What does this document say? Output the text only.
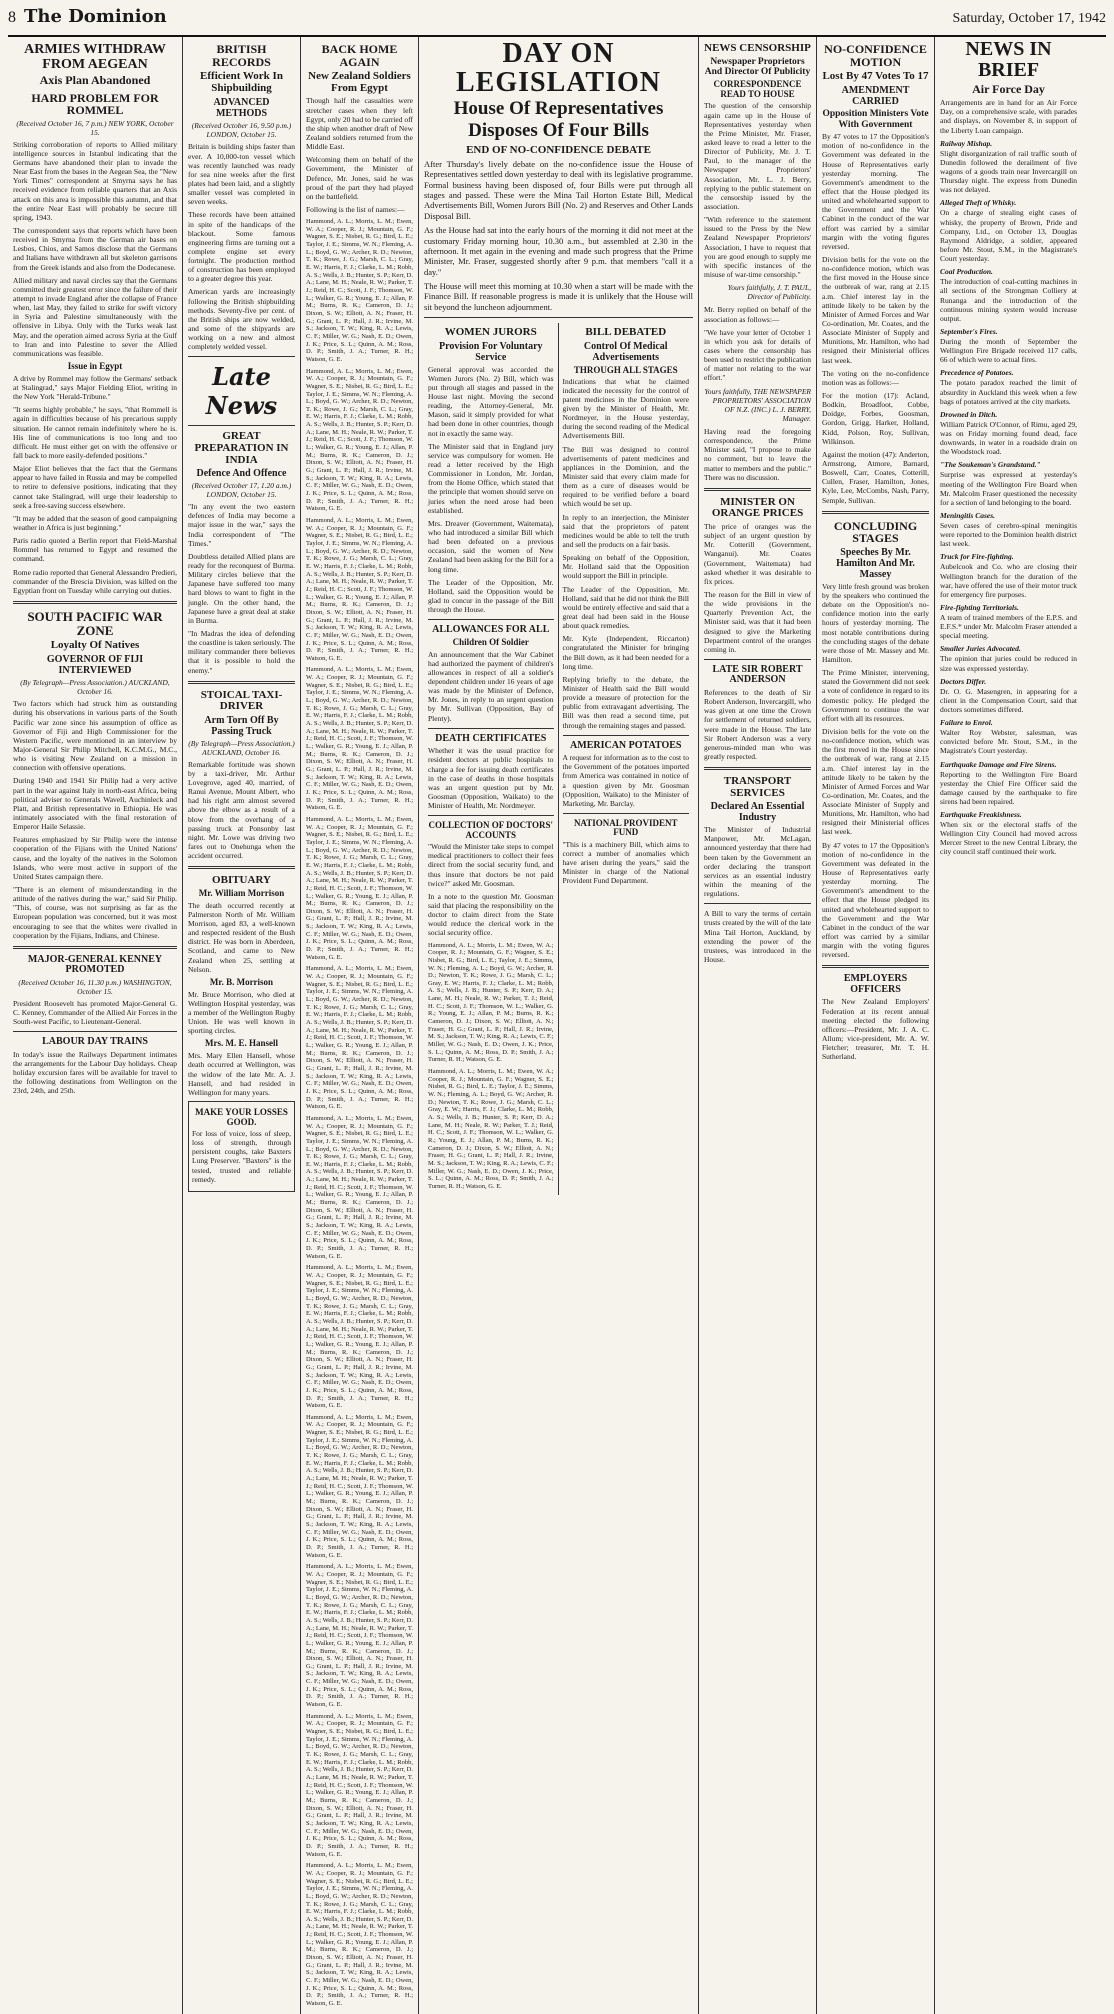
8 The Dominion	Saturday, October 17, 1942
ARMIES WITHDRAW FROM AEGEAN
Axis Plan Abandoned
HARD PROBLEM FOR ROMMEL
(Received October 16, 7 p.m.) NEW YORK, October 15.

Striking corroboration of reports to Allied military intelligence sources in Istanbul indicating that the Germans have abandoned their plan to invade the Near East from the bases in the Aegean Sea, the "New York Times" correspondent at Smyrna says he has received evidence from reliable quarters that an Axis attack on this area is impossible this autumn, and that the entire Near East will probably be secure till spring, 1943.

The correspondent says that reports which have been received in Smyrna from the German air bases on Lesbos, Chios, and Samos disclose that the Germans and Italians have withdrawn all but skeleton garrisons from the Greek islands and also from the Dodecanese.

Allied military and naval circles say that the Germans committed their greatest error since the failure of their attempt to invade England after the collapse of France when, last May, they failed to strike for swift victory in Syria and Palestine simultaneously with the offensive in Libya. Only with the Turks weak last May, and the operation aimed across Syria at the Gulf to Iran and into Palestine to sever the Allied communications was feasible.

Issue in Egypt

A drive by Rommel may follow the Germans' setback at Stalingrad," says Major Fielding Eliot, writing in the New York "Herald-Tribune."

"It seems highly probable," he says, "that Rommell is again in difficulties because of his precarious supply situation. He cannot remain indefinitely where he is. His line of communications is too long and too difficult. He must either get on with the offensive or fall back to more easily-defended positions."

Major Eliot believes that the fact that the Germans appear to have failed in Russia and may be compelled to retire to defensive positions, indicating that they cannot take Stalingrad, will urge their leadership to seek a free-saving success elsewhere.

"It may be added that the season of good campaigning weather in Africa is just beginning."

Paris radio quoted a Berlin report that Field-Marshal Rommel has returned to Egypt and resumed the command.

Rome radio reported that General Alessandro Predieri, commander of the Brescia Division, was killed on the Egyptian front on Tuesday while carrying out duties.

SOUTH PACIFIC WAR ZONE
Loyalty Of Natives
GOVERNOR OF FIJI INTERVIEWED
(By Telegraph—Press Association.) AUCKLAND, October 16.

Two factors which had struck him as outstanding during his observations in various parts of the South Pacific war zone since his assumption of office as Governor of Fiji and High Commissioner for the Western Pacific, were mentioned in an interview by Major-General Sir Philip Mitchell, K.C.M.G., M.C., who is visiting New Zealand on a mission in connection with offensive operations.

During 1940 and 1941 Sir Philip had a very active part in the war against Italy in north-east Africa, being political adviser to Generals Wavell, Auchinleck and Platt, and British representative in Ethiopia. He was intimately associated with the final restoration of Emperor Haile Selassie.

Features emphasized by Sir Philip were the intense cooperation of the Fijians with the United Nations' cause, and the loyalty of the natives in the Solomon Islands, who were most active in support of the United States campaign there.

"There is an element of misunderstanding in the attitude of the natives during the war," said Sir Philip. "This, of course, was not surprising as far as the European population was concerned, but it was most encouraging to see that the whites were rivalled in cooperation by the Fijians, Indians, and Chinese.

MAJOR-GENERAL KENNEY PROMOTED
(Received October 16, 11.30 p.m.) WASHINGTON, October 15.

President Roosevelt has promoted Major-General G. C. Kenney, Commander of the Allied Air Forces in the South-west Pacific, to Lieutenant-General.

LABOUR DAY TRAINS

In today's issue the Railways Department intimates the arrangements for the Labour Day holidays. Cheap holiday excursion fares will be available for travel to the following destinations from Wellington on the 23rd, 24th, and 25th.

BRITISH RECORDS
Efficient Work In Shipbuilding
ADVANCED METHODS
(Received October 16, 9.50 p.m.) LONDON, October 15.

Britain is building ships faster than ever. A 10,000-ton vessel which was recently launched was ready for sea nine weeks after the first plates had been laid, and a slightly smaller vessel was completed in seven weeks.

These records have been attained in spite of the handicaps of the blackout. Some famous engineering firms are turning out a complete engine set every fortnight. The production method of construction has been employed to a greater degree this year.

American yards are increasingly following the British shipbuilding methods. Seventy-five per cent. of the British ships are now welded, and some of the shipyards are working on a new and almost completely welded vessel.

Late News
GREAT PREPARATION IN INDIA
Defence And Offence
(Received October 17, 1.20 a.m.) LONDON, October 15.

"In any event the two eastern defences of India may become a major issue in the war," says the India correspondent of "The Times."

Doubtless detailed Allied plans are ready for the reconquest of Burma. Military circles believe that the Japanese have suffered too many hard blows to want to fight in the jungle. On the other hand, the Japanese have a great deal at stake in Burma.

"In Madras the idea of defending the coastline is taken seriously. The military commander there believes that it is possible to hold the enemy."

STOICAL TAXI-DRIVER
Arm Torn Off By Passing Truck
(By Telegraph—Press Association.) AUCKLAND, October 16.

Remarkable fortitude was shown by a taxi-driver, Mr. Arthur Lovegrove, aged 40, married, of Ranui Avenue, Mount Albert, who had his right arm almost severed above the elbow as a result of a blow from the overhang of a passing truck at Ponsonby last night. Mr. Lowe was driving two fares out to Onehunga when the accident occurred.

OBITUARY
Mr. William Morrison

The death occurred recently at Palmerston North of Mr. William Morrison, aged 83, a well-known and respected resident of the Bush district. He was born in Aberdeen, Scotland, and came to New Zealand when 25, settling at Nelson.

Mr. B. Morrison

Mr. Bruce Morrison, who died at Wellington Hospital yesterday, was a member of the Wellington Rugby Union. He was well known in sporting circles.

Mrs. M. E. Hansell

Mrs. Mary Ellen Hansell, whose death occurred at Wellington, was the widow of the late Mr. A. J. Hansell, and had resided in Wellington for many years.

MAKE YOUR LOSSES GOOD.

For loss of voice, loss of sleep, loss of strength, through persistent coughs, take Baxters Lung Preserver. "Baxters" is the tested, trusted and reliable remedy.

BACK HOME AGAIN
New Zealand Soldiers From Egypt

Though half the casualties were stretcher cases when they left Egypt, only 20 had to be carried off the ship when another draft of New Zealand soldiers returned from the Middle East.

Welcoming them on behalf of the Government, the Minister of Defence, Mr. Jones, said he was proud of the part they had played on the battlefield.

Following is the list of names:—

Hammond, A. L.; Morris, L. M.; Ewen, W. A.; Cooper, R. J.; Mountain, G. F.; Wagner, S. E.; Nisbet, R. G.; Bird, L. E.; Taylor, J. E.; Simms, W. N.; Fleming, A. L.; Boyd, G. W.; Archer, R. D.; Newton, T. K.; Rowe, J. G.; Marsh, C. L.; Gray, E. W.; Harris, F. J.; Clarke, L. M.; Robb, A. S.; Wells, J. B.; Hunter, S. P.; Kerr, D. A.; Lane, M. H.; Neale, R. W.; Parker, T. J.; Reid, H. C.; Scott, J. F.; Thomson, W. L.; Walker, G. R.; Young, E. J.; Allan, P. M.; Burns, R. K.; Cameron, D. J.; Dixon, S. W.; Elliott, A. N.; Fraser, H. G.; Grant, L. P.; Hall, J. R.; Irvine, M. S.; Jackson, T. W.; King, R. A.; Lewis, C. F.; Miller, W. G.; Nash, E. D.; Owen, J. K.; Price, S. L.; Quinn, A. M.; Ross, D. P.; Smith, J. A.; Turner, R. H.; Watson, G. E.

Hammond, A. L.; Morris, L. M.; Ewen, W. A.; Cooper, R. J.; Mountain, G. F.; Wagner, S. E.; Nisbet, R. G.; Bird, L. E.; Taylor, J. E.; Simms, W. N.; Fleming, A. L.; Boyd, G. W.; Archer, R. D.; Newton, T. K.; Rowe, J. G.; Marsh, C. L.; Gray, E. W.; Harris, F. J.; Clarke, L. M.; Robb, A. S.; Wells, J. B.; Hunter, S. P.; Kerr, D. A.; Lane, M. H.; Neale, R. W.; Parker, T. J.; Reid, H. C.; Scott, J. F.; Thomson, W. L.; Walker, G. R.; Young, E. J.; Allan, P. M.; Burns, R. K.; Cameron, D. J.; Dixon, S. W.; Elliott, A. N.; Fraser, H. G.; Grant, L. P.; Hall, J. R.; Irvine, M. S.; Jackson, T. W.; King, R. A.; Lewis, C. F.; Miller, W. G.; Nash, E. D.; Owen, J. K.; Price, S. L.; Quinn, A. M.; Ross, D. P.; Smith, J. A.; Turner, R. H.; Watson, G. E.

Hammond, A. L.; Morris, L. M.; Ewen, W. A.; Cooper, R. J.; Mountain, G. F.; Wagner, S. E.; Nisbet, R. G.; Bird, L. E.; Taylor, J. E.; Simms, W. N.; Fleming, A. L.; Boyd, G. W.; Archer, R. D.; Newton, T. K.; Rowe, J. G.; Marsh, C. L.; Gray, E. W.; Harris, F. J.; Clarke, L. M.; Robb, A. S.; Wells, J. B.; Hunter, S. P.; Kerr, D. A.; Lane, M. H.; Neale, R. W.; Parker, T. J.; Reid, H. C.; Scott, J. F.; Thomson, W. L.; Walker, G. R.; Young, E. J.; Allan, P. M.; Burns, R. K.; Cameron, D. J.; Dixon, S. W.; Elliott, A. N.; Fraser, H. G.; Grant, L. P.; Hall, J. R.; Irvine, M. S.; Jackson, T. W.; King, R. A.; Lewis, C. F.; Miller, W. G.; Nash, E. D.; Owen, J. K.; Price, S. L.; Quinn, A. M.; Ross, D. P.; Smith, J. A.; Turner, R. H.; Watson, G. E.

Hammond, A. L.; Morris, L. M.; Ewen, W. A.; Cooper, R. J.; Mountain, G. F.; Wagner, S. E.; Nisbet, R. G.; Bird, L. E.; Taylor, J. E.; Simms, W. N.; Fleming, A. L.; Boyd, G. W.; Archer, R. D.; Newton, T. K.; Rowe, J. G.; Marsh, C. L.; Gray, E. W.; Harris, F. J.; Clarke, L. M.; Robb, A. S.; Wells, J. B.; Hunter, S. P.; Kerr, D. A.; Lane, M. H.; Neale, R. W.; Parker, T. J.; Reid, H. C.; Scott, J. F.; Thomson, W. L.; Walker, G. R.; Young, E. J.; Allan, P. M.; Burns, R. K.; Cameron, D. J.; Dixon, S. W.; Elliott, A. N.; Fraser, H. G.; Grant, L. P.; Hall, J. R.; Irvine, M. S.; Jackson, T. W.; King, R. A.; Lewis, C. F.; Miller, W. G.; Nash, E. D.; Owen, J. K.; Price, S. L.; Quinn, A. M.; Ross, D. P.; Smith, J. A.; Turner, R. H.; Watson, G. E.

Hammond, A. L.; Morris, L. M.; Ewen, W. A.; Cooper, R. J.; Mountain, G. F.; Wagner, S. E.; Nisbet, R. G.; Bird, L. E.; Taylor, J. E.; Simms, W. N.; Fleming, A. L.; Boyd, G. W.; Archer, R. D.; Newton, T. K.; Rowe, J. G.; Marsh, C. L.; Gray, E. W.; Harris, F. J.; Clarke, L. M.; Robb, A. S.; Wells, J. B.; Hunter, S. P.; Kerr, D. A.; Lane, M. H.; Neale, R. W.; Parker, T. J.; Reid, H. C.; Scott, J. F.; Thomson, W. L.; Walker, G. R.; Young, E. J.; Allan, P. M.; Burns, R. K.; Cameron, D. J.; Dixon, S. W.; Elliott, A. N.; Fraser, H. G.; Grant, L. P.; Hall, J. R.; Irvine, M. S.; Jackson, T. W.; King, R. A.; Lewis, C. F.; Miller, W. G.; Nash, E. D.; Owen, J. K.; Price, S. L.; Quinn, A. M.; Ross, D. P.; Smith, J. A.; Turner, R. H.; Watson, G. E.

Hammond, A. L.; Morris, L. M.; Ewen, W. A.; Cooper, R. J.; Mountain, G. F.; Wagner, S. E.; Nisbet, R. G.; Bird, L. E.; Taylor, J. E.; Simms, W. N.; Fleming, A. L.; Boyd, G. W.; Archer, R. D.; Newton, T. K.; Rowe, J. G.; Marsh, C. L.; Gray, E. W.; Harris, F. J.; Clarke, L. M.; Robb, A. S.; Wells, J. B.; Hunter, S. P.; Kerr, D. A.; Lane, M. H.; Neale, R. W.; Parker, T. J.; Reid, H. C.; Scott, J. F.; Thomson, W. L.; Walker, G. R.; Young, E. J.; Allan, P. M.; Burns, R. K.; Cameron, D. J.; Dixon, S. W.; Elliott, A. N.; Fraser, H. G.; Grant, L. P.; Hall, J. R.; Irvine, M. S.; Jackson, T. W.; King, R. A.; Lewis, C. F.; Miller, W. G.; Nash, E. D.; Owen, J. K.; Price, S. L.; Quinn, A. M.; Ross, D. P.; Smith, J. A.; Turner, R. H.; Watson, G. E.

Hammond, A. L.; Morris, L. M.; Ewen, W. A.; Cooper, R. J.; Mountain, G. F.; Wagner, S. E.; Nisbet, R. G.; Bird, L. E.; Taylor, J. E.; Simms, W. N.; Fleming, A. L.; Boyd, G. W.; Archer, R. D.; Newton, T. K.; Rowe, J. G.; Marsh, C. L.; Gray, E. W.; Harris, F. J.; Clarke, L. M.; Robb, A. S.; Wells, J. B.; Hunter, S. P.; Kerr, D. A.; Lane, M. H.; Neale, R. W.; Parker, T. J.; Reid, H. C.; Scott, J. F.; Thomson, W. L.; Walker, G. R.; Young, E. J.; Allan, P. M.; Burns, R. K.; Cameron, D. J.; Dixon, S. W.; Elliott, A. N.; Fraser, H. G.; Grant, L. P.; Hall, J. R.; Irvine, M. S.; Jackson, T. W.; King, R. A.; Lewis, C. F.; Miller, W. G.; Nash, E. D.; Owen, J. K.; Price, S. L.; Quinn, A. M.; Ross, D. P.; Smith, J. A.; Turner, R. H.; Watson, G. E.

Hammond, A. L.; Morris, L. M.; Ewen, W. A.; Cooper, R. J.; Mountain, G. F.; Wagner, S. E.; Nisbet, R. G.; Bird, L. E.; Taylor, J. E.; Simms, W. N.; Fleming, A. L.; Boyd, G. W.; Archer, R. D.; Newton, T. K.; Rowe, J. G.; Marsh, C. L.; Gray, E. W.; Harris, F. J.; Clarke, L. M.; Robb, A. S.; Wells, J. B.; Hunter, S. P.; Kerr, D. A.; Lane, M. H.; Neale, R. W.; Parker, T. J.; Reid, H. C.; Scott, J. F.; Thomson, W. L.; Walker, G. R.; Young, E. J.; Allan, P. M.; Burns, R. K.; Cameron, D. J.; Dixon, S. W.; Elliott, A. N.; Fraser, H. G.; Grant, L. P.; Hall, J. R.; Irvine, M. S.; Jackson, T. W.; King, R. A.; Lewis, C. F.; Miller, W. G.; Nash, E. D.; Owen, J. K.; Price, S. L.; Quinn, A. M.; Ross, D. P.; Smith, J. A.; Turner, R. H.; Watson, G. E.

Hammond, A. L.; Morris, L. M.; Ewen, W. A.; Cooper, R. J.; Mountain, G. F.; Wagner, S. E.; Nisbet, R. G.; Bird, L. E.; Taylor, J. E.; Simms, W. N.; Fleming, A. L.; Boyd, G. W.; Archer, R. D.; Newton, T. K.; Rowe, J. G.; Marsh, C. L.; Gray, E. W.; Harris, F. J.; Clarke, L. M.; Robb, A. S.; Wells, J. B.; Hunter, S. P.; Kerr, D. A.; Lane, M. H.; Neale, R. W.; Parker, T. J.; Reid, H. C.; Scott, J. F.; Thomson, W. L.; Walker, G. R.; Young, E. J.; Allan, P. M.; Burns, R. K.; Cameron, D. J.; Dixon, S. W.; Elliott, A. N.; Fraser, H. G.; Grant, L. P.; Hall, J. R.; Irvine, M. S.; Jackson, T. W.; King, R. A.; Lewis, C. F.; Miller, W. G.; Nash, E. D.; Owen, J. K.; Price, S. L.; Quinn, A. M.; Ross, D. P.; Smith, J. A.; Turner, R. H.; Watson, G. E.

Hammond, A. L.; Morris, L. M.; Ewen, W. A.; Cooper, R. J.; Mountain, G. F.; Wagner, S. E.; Nisbet, R. G.; Bird, L. E.; Taylor, J. E.; Simms, W. N.; Fleming, A. L.; Boyd, G. W.; Archer, R. D.; Newton, T. K.; Rowe, J. G.; Marsh, C. L.; Gray, E. W.; Harris, F. J.; Clarke, L. M.; Robb, A. S.; Wells, J. B.; Hunter, S. P.; Kerr, D. A.; Lane, M. H.; Neale, R. W.; Parker, T. J.; Reid, H. C.; Scott, J. F.; Thomson, W. L.; Walker, G. R.; Young, E. J.; Allan, P. M.; Burns, R. K.; Cameron, D. J.; Dixon, S. W.; Elliott, A. N.; Fraser, H. G.; Grant, L. P.; Hall, J. R.; Irvine, M. S.; Jackson, T. W.; King, R. A.; Lewis, C. F.; Miller, W. G.; Nash, E. D.; Owen, J. K.; Price, S. L.; Quinn, A. M.; Ross, D. P.; Smith, J. A.; Turner, R. H.; Watson, G. E.

Hammond, A. L.; Morris, L. M.; Ewen, W. A.; Cooper, R. J.; Mountain, G. F.; Wagner, S. E.; Nisbet, R. G.; Bird, L. E.; Taylor, J. E.; Simms, W. N.; Fleming, A. L.; Boyd, G. W.; Archer, R. D.; Newton, T. K.; Rowe, J. G.; Marsh, C. L.; Gray, E. W.; Harris, F. J.; Clarke, L. M.; Robb, A. S.; Wells, J. B.; Hunter, S. P.; Kerr, D. A.; Lane, M. H.; Neale, R. W.; Parker, T. J.; Reid, H. C.; Scott, J. F.; Thomson, W. L.; Walker, G. R.; Young, E. J.; Allan, P. M.; Burns, R. K.; Cameron, D. J.; Dixon, S. W.; Elliott, A. N.; Fraser, H. G.; Grant, L. P.; Hall, J. R.; Irvine, M. S.; Jackson, T. W.; King, R. A.; Lewis, C. F.; Miller, W. G.; Nash, E. D.; Owen, J. K.; Price, S. L.; Quinn, A. M.; Ross, D. P.; Smith, J. A.; Turner, R. H.; Watson, G. E.

Hammond, A. L.; Morris, L. M.; Ewen, W. A.; Cooper, R. J.; Mountain, G. F.; Wagner, S. E.; Nisbet, R. G.; Bird, L. E.; Taylor, J. E.; Simms, W. N.; Fleming, A. L.; Boyd, G. W.; Archer, R. D.; Newton, T. K.; Rowe, J. G.; Marsh, C. L.; Gray, E. W.; Harris, F. J.; Clarke, L. M.; Robb, A. S.; Wells, J. B.; Hunter, S. P.; Kerr, D. A.; Lane, M. H.; Neale, R. W.; Parker, T. J.; Reid, H. C.; Scott, J. F.; Thomson, W. L.; Walker, G. R.; Young, E. J.; Allan, P. M.; Burns, R. K.; Cameron, D. J.; Dixon, S. W.; Elliott, A. N.; Fraser, H. G.; Grant, L. P.; Hall, J. R.; Irvine, M. S.; Jackson, T. W.; King, R. A.; Lewis, C. F.; Miller, W. G.; Nash, E. D.; Owen, J. K.; Price, S. L.; Quinn, A. M.; Ross, D. P.; Smith, J. A.; Turner, R. H.; Watson, G. E.

DAY ON LEGISLATION
House Of Representatives Disposes Of Four Bills
END OF NO-CONFIDENCE DEBATE

After Thursday's lively debate on the no-confidence issue the House of Representatives settled down yesterday to deal with its legislative programme. Formal business having been disposed of, four Bills were put through all stages and passed. These were the Mina Tail Horton Estate Bill, Medical Advertisements Bill, Women Jurors Bill (No. 2) and Reserves and Other Lands Disposal Bill.

As the House had sat into the early hours of the morning it did not meet at the customary Friday morning hour, 10.30 a.m., but assembled at 2.30 in the afternoon. It met again in the evening and made such progress that the Prime Minister, Mr. Fraser, suggested shortly after 9 p.m. that members "call it a day."

The House will meet this morning at 10.30 when a start will be made with the Finance Bill. If reasonable progress is made it is unlikely that the House will sit beyond the luncheon adjournment.

WOMEN JURORS
Provision For Voluntary Service

General approval was accorded the Women Jurors (No. 2) Bill, which was put through all stages and passed in the House last night. Moving the second reading, the Attorney-General, Mr. Mason, said it simply provided for what had been done in other countries, though not in exactly the same way.

The Minister said that in England jury service was compulsory for women. He read a letter received by the High Commissioner in London, Mr. Jordan, from the Home Office, which stated that the principle that women should serve on juries when the need arose had been established.

Mrs. Dreaver (Government, Waitemata), who had introduced a similar Bill which had been defeated on a previous occasion, said the women of New Zealand had been asking for the Bill for a long time.

The Leader of the Opposition, Mr. Holland, said the Opposition would be glad to concur in the passage of the Bill through the House.

ALLOWANCES FOR ALL
Children Of Soldier

An announcement that the War Cabinet had authorized the payment of children's allowances in respect of all a soldier's dependent children under 16 years of age was made by the Minister of Defence, Mr. Jones, in reply to an urgent question by Mr. Sullivan (Opposition, Bay of Plenty).

DEATH CERTIFICATES

Whether it was the usual practice for resident doctors at public hospitals to charge a fee for issuing death certificates in the case of deaths in those hospitals was an urgent question put by Mr. Goosman (Opposition, Waikato) to the Minister of Health, Mr. Nordmeyer.

COLLECTION OF DOCTORS' ACCOUNTS

"Would the Minister take steps to compel medical practitioners to collect their fees direct from the social security fund, and thus insure that doctors be not paid twice?" asked Mr. Goosman.

In a note to the question Mr. Goosman said that placing the responsibility on the doctor to claim direct from the State would reduce the clerical work in the social security office.

Hammond, A. L.; Morris, L. M.; Ewen, W. A.; Cooper, R. J.; Mountain, G. F.; Wagner, S. E.; Nisbet, R. G.; Bird, L. E.; Taylor, J. E.; Simms, W. N.; Fleming, A. L.; Boyd, G. W.; Archer, R. D.; Newton, T. K.; Rowe, J. G.; Marsh, C. L.; Gray, E. W.; Harris, F. J.; Clarke, L. M.; Robb, A. S.; Wells, J. B.; Hunter, S. P.; Kerr, D. A.; Lane, M. H.; Neale, R. W.; Parker, T. J.; Reid, H. C.; Scott, J. F.; Thomson, W. L.; Walker, G. R.; Young, E. J.; Allan, P. M.; Burns, R. K.; Cameron, D. J.; Dixon, S. W.; Elliott, A. N.; Fraser, H. G.; Grant, L. P.; Hall, J. R.; Irvine, M. S.; Jackson, T. W.; King, R. A.; Lewis, C. F.; Miller, W. G.; Nash, E. D.; Owen, J. K.; Price, S. L.; Quinn, A. M.; Ross, D. P.; Smith, J. A.; Turner, R. H.; Watson, G. E.

Hammond, A. L.; Morris, L. M.; Ewen, W. A.; Cooper, R. J.; Mountain, G. F.; Wagner, S. E.; Nisbet, R. G.; Bird, L. E.; Taylor, J. E.; Simms, W. N.; Fleming, A. L.; Boyd, G. W.; Archer, R. D.; Newton, T. K.; Rowe, J. G.; Marsh, C. L.; Gray, E. W.; Harris, F. J.; Clarke, L. M.; Robb, A. S.; Wells, J. B.; Hunter, S. P.; Kerr, D. A.; Lane, M. H.; Neale, R. W.; Parker, T. J.; Reid, H. C.; Scott, J. F.; Thomson, W. L.; Walker, G. R.; Young, E. J.; Allan, P. M.; Burns, R. K.; Cameron, D. J.; Dixon, S. W.; Elliott, A. N.; Fraser, H. G.; Grant, L. P.; Hall, J. R.; Irvine, M. S.; Jackson, T. W.; King, R. A.; Lewis, C. F.; Miller, W. G.; Nash, E. D.; Owen, J. K.; Price, S. L.; Quinn, A. M.; Ross, D. P.; Smith, J. A.; Turner, R. H.; Watson, G. E.

BILL DEBATED
Control Of Medical Advertisements
THROUGH ALL STAGES

Indications that what he claimed indicated the necessity for the control of patent medicines in the Dominion were given by the Minister of Health, Mr. Nordmeyer, in the House yesterday, during the second reading of the Medical Advertisements Bill.

The Bill was designed to control advertisements of patent medicines and appliances in the Dominion, and the Minister said that every claim made for them as a cure of diseases would be required to be verified before a board which would be set up.

In reply to an interjection, the Minister said that the proprietors of patent medicines would be able to tell the truth and sell the products on a fair basis.

Speaking on behalf of the Opposition, Mr. Holland said that the Opposition would support the Bill in principle.

The Leader of the Opposition, Mr. Holland, said that he did not think the Bill would be entirely effective and said that a great deal had been said in the House about quack remedies.

Mr. Kyle (Independent, Riccarton) congratulated the Minister for bringing the Bill down, as it had been needed for a long time.

Replying briefly to the debate, the Minister of Health said the Bill would provide a measure of protection for the public from extravagant advertising. The Bill was then read a second time, put through the remaining stages and passed.

AMERICAN POTATOES

A request for information as to the cost to the Government of the potatoes imported from America was contained in notice of a question given by Mr. Goosman (Opposition, Waikato) to the Minister of Marketing, Mr. Barclay.

NATIONAL PROVIDENT FUND

"This is a machinery Bill, which aims to correct a number of anomalies which have arisen during the years," said the Minister in charge of the National Provident Fund Department.

NEWS CENSORSHIP
Newspaper Proprietors And Director Of Publicity
CORRESPONDENCE READ TO HOUSE

The question of the censorship again came up in the House of Representatives yesterday when the Prime Minister, Mr. Fraser, asked leave to read a letter to the Director of Publicity, Mr. J. T. Paul, to the manager of the Newspaper Proprietors' Association, Mr. L. J. Berry, replying to the public statement on the censorship issued by the association.

"With reference to the statement issued to the Press by the New Zealand Newspaper Proprietors' Association, I have to request that you are good enough to supply me with specific instances of the misuse of war-time censorship."

Yours faithfully, J. T. PAUL, Director of Publicity.

Mr. Berry replied on behalf of the association as follows:—

"We have your letter of October 1 in which you ask for details of cases where the censorship has been used to restrict the publication of matter not relating to the war effort."

Yours faithfully, THE NEWSPAPER PROPRIETORS' ASSOCIATION OF N.Z. (INC.) L. J. BERRY, Manager.

Having read the foregoing correspondence, the Prime Minister said, "I propose to make no comment, but to leave the matter to members and the public." There was no discussion.

MINISTER ON ORANGE PRICES

The price of oranges was the subject of an urgent question by Mr. Cotterill (Government, Wanganui). Mr. Coates (Government, Waitemata) had asked whether it was desirable to fix prices.

The reason for the Bill in view of the wide provisions in the Quarterly Prevention Act, the Minister said, was that it had been designed to give the Marketing Department control of the oranges coming in.

LATE SIR ROBERT ANDERSON

References to the death of Sir Robert Anderson, Invercargill, who was given at one time the Crown for settlement of returned soldiers, were made in the House. The late Sir Robert Anderson was a very generous-minded man who was greatly respected.

TRANSPORT SERVICES
Declared An Essential Industry

The Minister of Industrial Manpower, Mr. McLagan, announced yesterday that there had been taken by the Government an order declaring the transport services as an essential industry within the meaning of the regulations.

A Bill to vary the terms of certain trusts created by the will of the late Mina Tail Horton, Auckland, by extending the power of the trustees, was introduced in the House.

NO-CONFIDENCE MOTION
Lost By 47 Votes To 17
AMENDMENT CARRIED
Opposition Ministers Vote With Government

By 47 votes to 17 the Opposition's motion of no-confidence in the Government was defeated in the House of Representatives early yesterday morning. The Government's amendment to the effect that the House pledged its united and wholehearted support to the Government and the War Cabinet in the conduct of the war effort was carried by a similar margin with the voting figures reversed.

Division bells for the vote on the no-confidence motion, which was the first moved in the House since the outbreak of war, rang at 2.15 a.m. Chief interest lay in the attitude likely to be taken by the Minister of Armed Forces and War Co-ordination, Mr. Coates, and the Associate Minister of Supply and Munitions, Mr. Hamilton, who had resigned their Ministerial offices last week.

The voting on the no-confidence motion was as follows:—

For the motion (17): Acland, Bodkin, Broadfoot, Cobbe, Doidge, Forbes, Goosman, Gordon, Grigg, Harker, Holland, Kidd, Polson, Roy, Sullivan, Wilkinson.

Against the motion (47): Anderton, Armstrong, Atmore, Barnard, Boswell, Carr, Coates, Cotterill, Cullen, Fraser, Hamilton, Jones, Kyle, Lee, McCombs, Nash, Parry, Semple, Sullivan.

CONCLUDING STAGES
Speeches By Mr. Hamilton And Mr. Massey

Very little fresh ground was broken by the speakers who continued the debate on the Opposition's no-confidence motion into the early hours of yesterday morning. The most notable contributions during the concluding stages of the debate were those of Mr. Massey and Mr. Hamilton.

The Prime Minister, intervening, stated the Government did not seek a vote of confidence in regard to its domestic policy. He pledged the Government to continue the war effort with all its resources.

Division bells for the vote on the no-confidence motion, which was the first moved in the House since the outbreak of war, rang at 2.15 a.m. Chief interest lay in the attitude likely to be taken by the Minister of Armed Forces and War Co-ordination, Mr. Coates, and the Associate Minister of Supply and Munitions, Mr. Hamilton, who had resigned their Ministerial offices last week.

By 47 votes to 17 the Opposition's motion of no-confidence in the Government was defeated in the House of Representatives early yesterday morning. The Government's amendment to the effect that the House pledged its united and wholehearted support to the Government and the War Cabinet in the conduct of the war effort was carried by a similar margin with the voting figures reversed.

EMPLOYERS OFFICERS

The New Zealand Employers' Federation at its recent annual meeting elected the following officers:—President, Mr. J. A. C. Allum; vice-president, Mr. A. W. Fletcher; treasurer, Mr. T. H. Sutherland.

NEWS IN BRIEF
Air Force Day

Arrangements are in hand for an Air Force Day, on a comprehensive scale, with parades and displays, on November 8, in support of the Liberty Loan campaign.

Railway Mishap.

Slight disorganization of rail traffic south of Dunedin followed the derailment of five wagons of a goods train near Invercargill on Thursday night. The express from Dunedin was not delayed.

Alleged Theft of Whisky.

On a charge of stealing eight cases of whisky, the property of Brown, Pride and Company, Ltd., on October 13, Douglas Raymond Aldridge, a soldier, appeared before Mr. Stout, S.M., in the Magistrate's Court yesterday.

Coal Production.

The introduction of coal-cutting machines in all sections of the Strongman Colliery at Runanga and the introduction of the continuous mining system would increase output.

September's Fires.

During the month of September the Wellington Fire Brigade received 117 calls, 66 of which were to actual fires.

Precedence of Potatoes.

The potato paradox reached the limit of absurdity in Auckland this week when a few bags of potatoes arrived at the city markets.

Drowned in Ditch.

William Patrick O'Connor, of Rimu, aged 29, was on Friday morning found dead, face downwards, in water in a roadside drain on the Woodstock road.

"The Soukeman's Grandstand."

Surprise was expressed at yesterday's meeting of the Wellington Fire Board when Mr. Malcolm Fraser questioned the necessity for a section of land belonging to the board.

Meningitis Cases.

Seven cases of cerebro-spinal meningitis were reported to the Dominion health district last week.

Truck for Fire-fighting.

Aubelcook and Co. who are closing their Wellington branch for the duration of the war, have offered the use of their motor truck for emergency fire purposes.

Fire-fighting Territorials.

A team of trained members of the E.P.S. and E.F.S.* under Mr. Malcolm Fraser attended a special meeting.

Smaller Juries Advocated.

The opinion that juries could be reduced in size was expressed yesterday.

Doctors Differ.

Dr. O. G. Masengren, in appearing for a client in the Compensation Court, said that doctors sometimes differed.

Failure to Enrol.

Walter Roy Webster, salesman, was convicted before Mr. Stout, S.M., in the Magistrate's Court yesterday.

Earthquake Damage and Fire Sirens.

Reporting to the Wellington Fire Board yesterday the Chief Fire Officer said the damage caused by the earthquake to fire sirens had been repaired.

Earthquake Freakishness.

When six or the electoral staffs of the Wellington City Council had moved across Mercer Street to the new Central Library, the city council staff continued their work.
